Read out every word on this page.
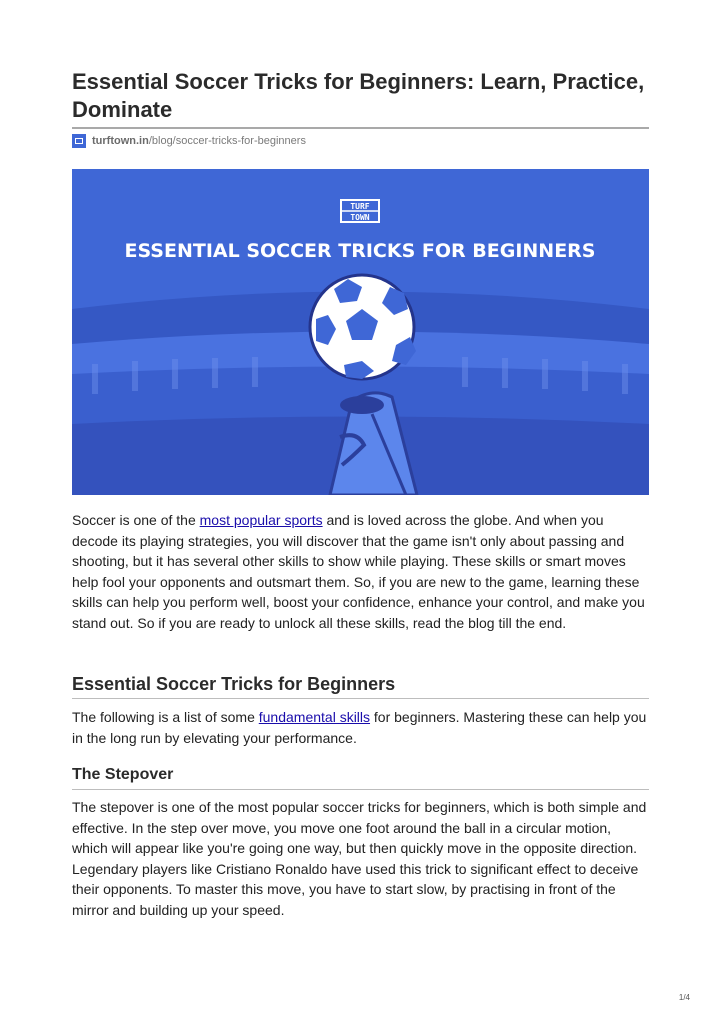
Essential Soccer Tricks for Beginners: Learn, Practice, Dominate
turftown.in /blog/soccer-tricks-for-beginners
TURF
TOWN
ESSENTIAL SOCCER TRICKS FOR BEGINNERS

Soccer is one of the most popular sports and is loved across the globe. And when you decode its playing strategies, you will discover that the game isn't only about passing and shooting, but it has several other skills to show while playing. These skills or smart moves help fool your opponents and outsmart them. So, if you are new to the game, learning these skills can help you perform well, boost your confidence, enhance your control, and make you stand out. So if you are ready to unlock all these skills, read the blog till the end.

Essential Soccer Tricks for Beginners

The following is a list of some fundamental skills for beginners. Mastering these can help you in the long run by elevating your performance.

The Stepover

The stepover is one of the most popular soccer tricks for beginners, which is both simple and effective. In the step over move, you move one foot around the ball in a circular motion, which will appear like you're going one way, but then quickly move in the opposite direction. Legendary players like Cristiano Ronaldo have used this trick to significant effect to deceive their opponents. To master this move, you have to start slow, by practising in front of the mirror and building up your speed.

1/4
